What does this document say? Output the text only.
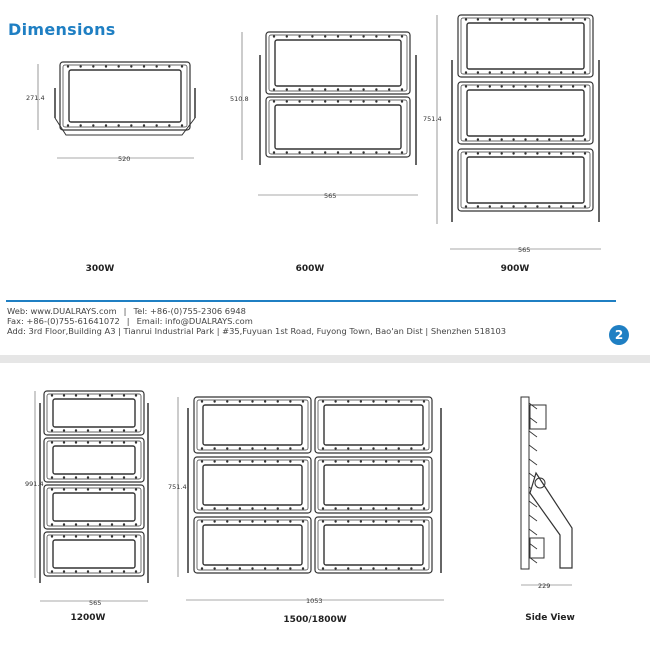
Dimensions
271.4
520
510.8
565
751.4
565
300W	600W	900W
Web: www.DUALRAYS.com | Tel: +86-(0)755-2306 6948
Fax: +86-(0)755-61641072 | Email: info@DUALRAYS.com
Add: 3rd Floor,Building A3 | Tianrui Industrial Park | #35,Fuyuan 1st Road, Fuyong Town, Bao'an Dist | Shenzhen 518103	2
991.4
565
751.4
1053
229
1200W	1500/1800W	Side View
